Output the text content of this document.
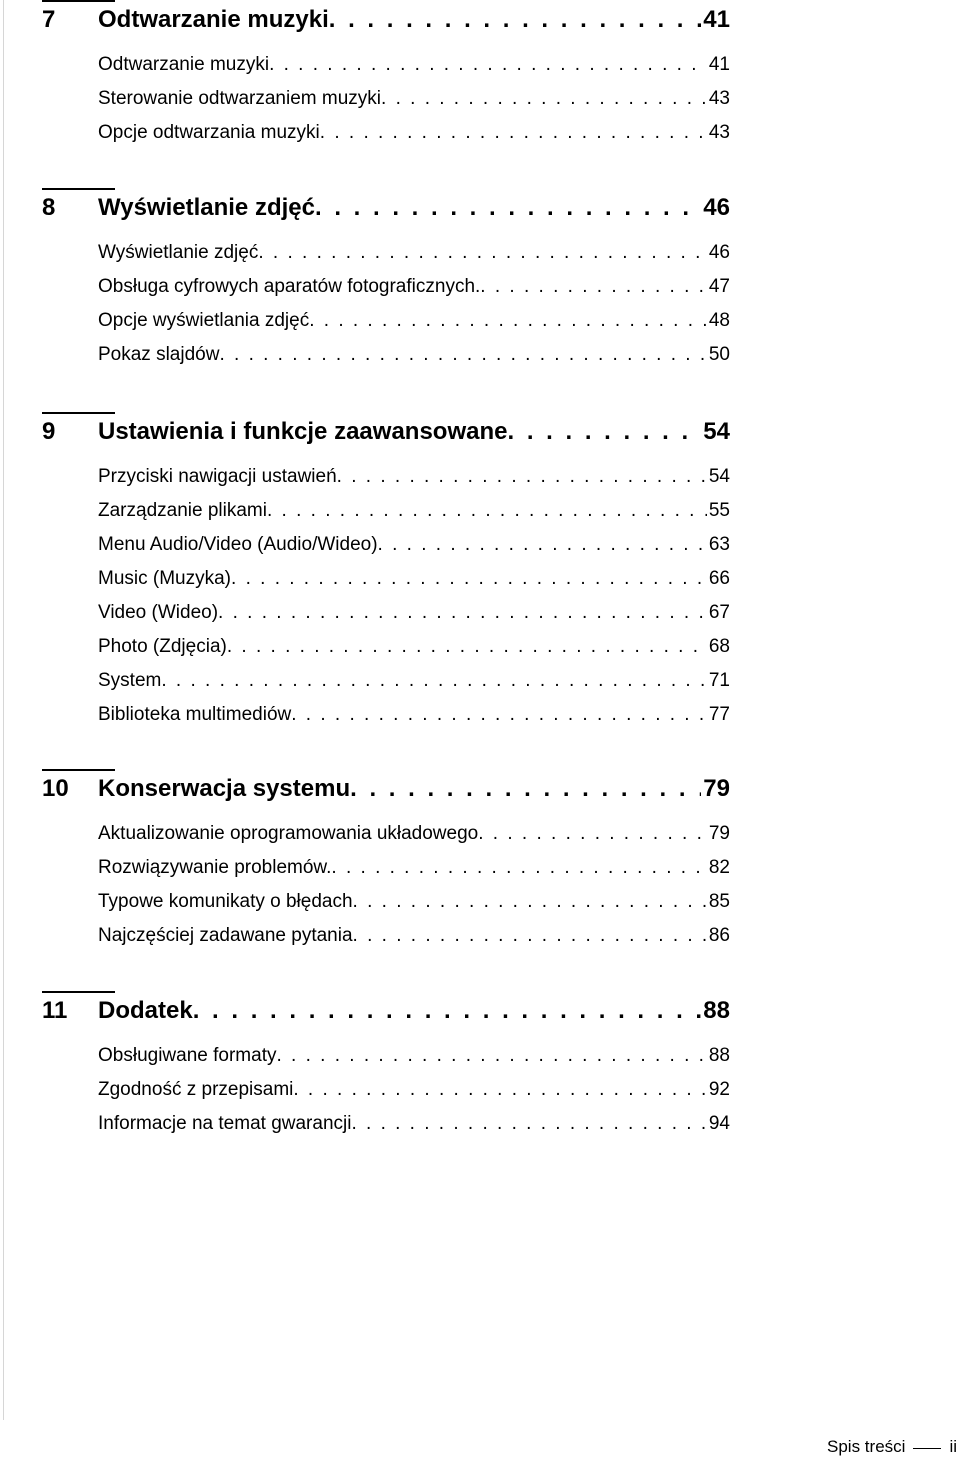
7	Odtwarzanie muzyki . . .	41
Odtwarzanie muzyki . . .	41
Sterowanie odtwarzaniem muzyki . . .	43
Opcje odtwarzania muzyki . . .	43
8	Wyświetlanie zdjęć . . .	46
Wyświetlanie zdjęć . . .	46
Obsługa cyfrowych aparatów fotograficznych. . . .	47
Opcje wyświetlania zdjęć . . .	48
Pokaz slajdów . . .	50
9	Ustawienia i funkcje zaawansowane . . .	54
Przyciski nawigacji ustawień . . .	54
Zarządzanie plikami . . .	55
Menu Audio/Video (Audio/Wideo) . . .	63
Music (Muzyka) . . .	66
Video (Wideo) . . .	67
Photo (Zdjęcia) . . .	68
System . . .	71
Biblioteka multimediów . . .	77
10	Konserwacja systemu . . .	79
Aktualizowanie oprogramowania układowego . . .	79
Rozwiązywanie problemów. . . .	82
Typowe komunikaty o błędach . . .	85
Najczęściej zadawane pytania . . .	86
11	Dodatek . . .	88
Obsługiwane formaty . . .	88
Zgodność z przepisami . . .	92
Informacje na temat gwarancji . . .	94
Spis treści	ii
